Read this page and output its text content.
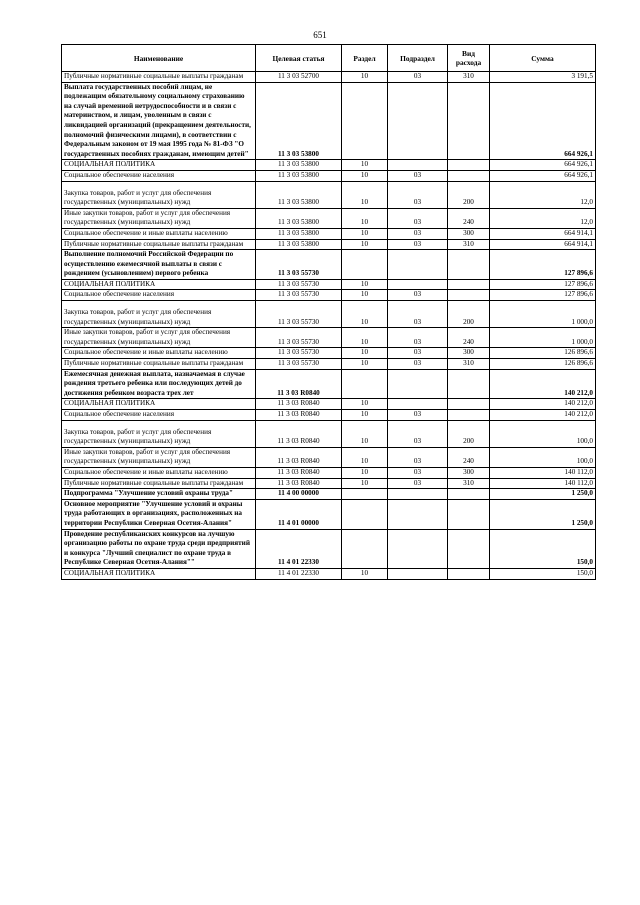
651
Наименование	Целевая статья	Раздел	Подраздел	Вид расхода	Сумма
Публичные нормативные социальные выплаты гражданам	11 3 03 52700	10	03	310	3 191,5
Выплата государственных пособий лицам, не подлежащим обязательному социальному страхованию на случай временной нетрудоспособности и в связи с материнством, и лицам, уволенным в связи с ликвидацией организаций (прекращением деятельности, полномочий физическими лицами), в соответствии с Федеральным законом от 19 мая 1995 года № 81-ФЗ "О государственных пособиях гражданам, имеющим детей"	11 3 03 53800				664 926,1
СОЦИАЛЬНАЯ ПОЛИТИКА	11 3 03 53800	10			664 926,1
Социальное обеспечение населения	11 3 03 53800	10	03		664 926,1
Закупка товаров, работ и услуг для обеспечения государственных (муниципальных) нужд	11 3 03 53800	10	03	200	12,0
Иные закупки товаров, работ и услуг для обеспечения государственных (муниципальных) нужд	11 3 03 53800	10	03	240	12,0
Социальное обеспечение и иные выплаты населению	11 3 03 53800	10	03	300	664 914,1
Публичные нормативные социальные выплаты гражданам	11 3 03 53800	10	03	310	664 914,1
Выполнение полномочий Российской Федерации по осуществлению ежемесячной выплаты в связи с рождением (усыновлением) первого ребенка	11 3 03 55730				127 896,6
СОЦИАЛЬНАЯ ПОЛИТИКА	11 3 03 55730	10			127 896,6
Социальное обеспечение населения	11 3 03 55730	10	03		127 896,6
Закупка товаров, работ и услуг для обеспечения государственных (муниципальных) нужд	11 3 03 55730	10	03	200	1 000,0
Иные закупки товаров, работ и услуг для обеспечения государственных (муниципальных) нужд	11 3 03 55730	10	03	240	1 000,0
Социальное обеспечение и иные выплаты населению	11 3 03 55730	10	03	300	126 896,6
Публичные нормативные социальные выплаты гражданам	11 3 03 55730	10	03	310	126 896,6
Ежемесячная денежная выплата, назначаемая в случае рождения третьего ребенка или последующих детей до достижения ребенком возраста трех лет	11 3 03 R0840				140 212,0
СОЦИАЛЬНАЯ ПОЛИТИКА	11 3 03 R0840	10			140 212,0
Социальное обеспечение населения	11 3 03 R0840	10	03		140 212,0
Закупка товаров, работ и услуг для обеспечения государственных (муниципальных) нужд	11 3 03 R0840	10	03	200	100,0
Иные закупки товаров, работ и услуг для обеспечения государственных (муниципальных) нужд	11 3 03 R0840	10	03	240	100,0
Социальное обеспечение и иные выплаты населению	11 3 03 R0840	10	03	300	140 112,0
Публичные нормативные социальные выплаты гражданам	11 3 03 R0840	10	03	310	140 112,0
Подпрограмма "Улучшение условий охраны труда"	11 4 00 00000				1 250,0
Основное мероприятие "Улучшение условий и охраны труда работающих в организациях, расположенных на территории Республики Северная Осетия-Алания"	11 4 01 00000				1 250,0
Проведение республиканских конкурсов на лучшую организацию работы по охране труда среди предприятий и конкурса "Лучший специалист по охране труда в Республике Северная Осетия-Алания""	11 4 01 22330				150,0
СОЦИАЛЬНАЯ ПОЛИТИКА	11 4 01 22330	10			150,0
